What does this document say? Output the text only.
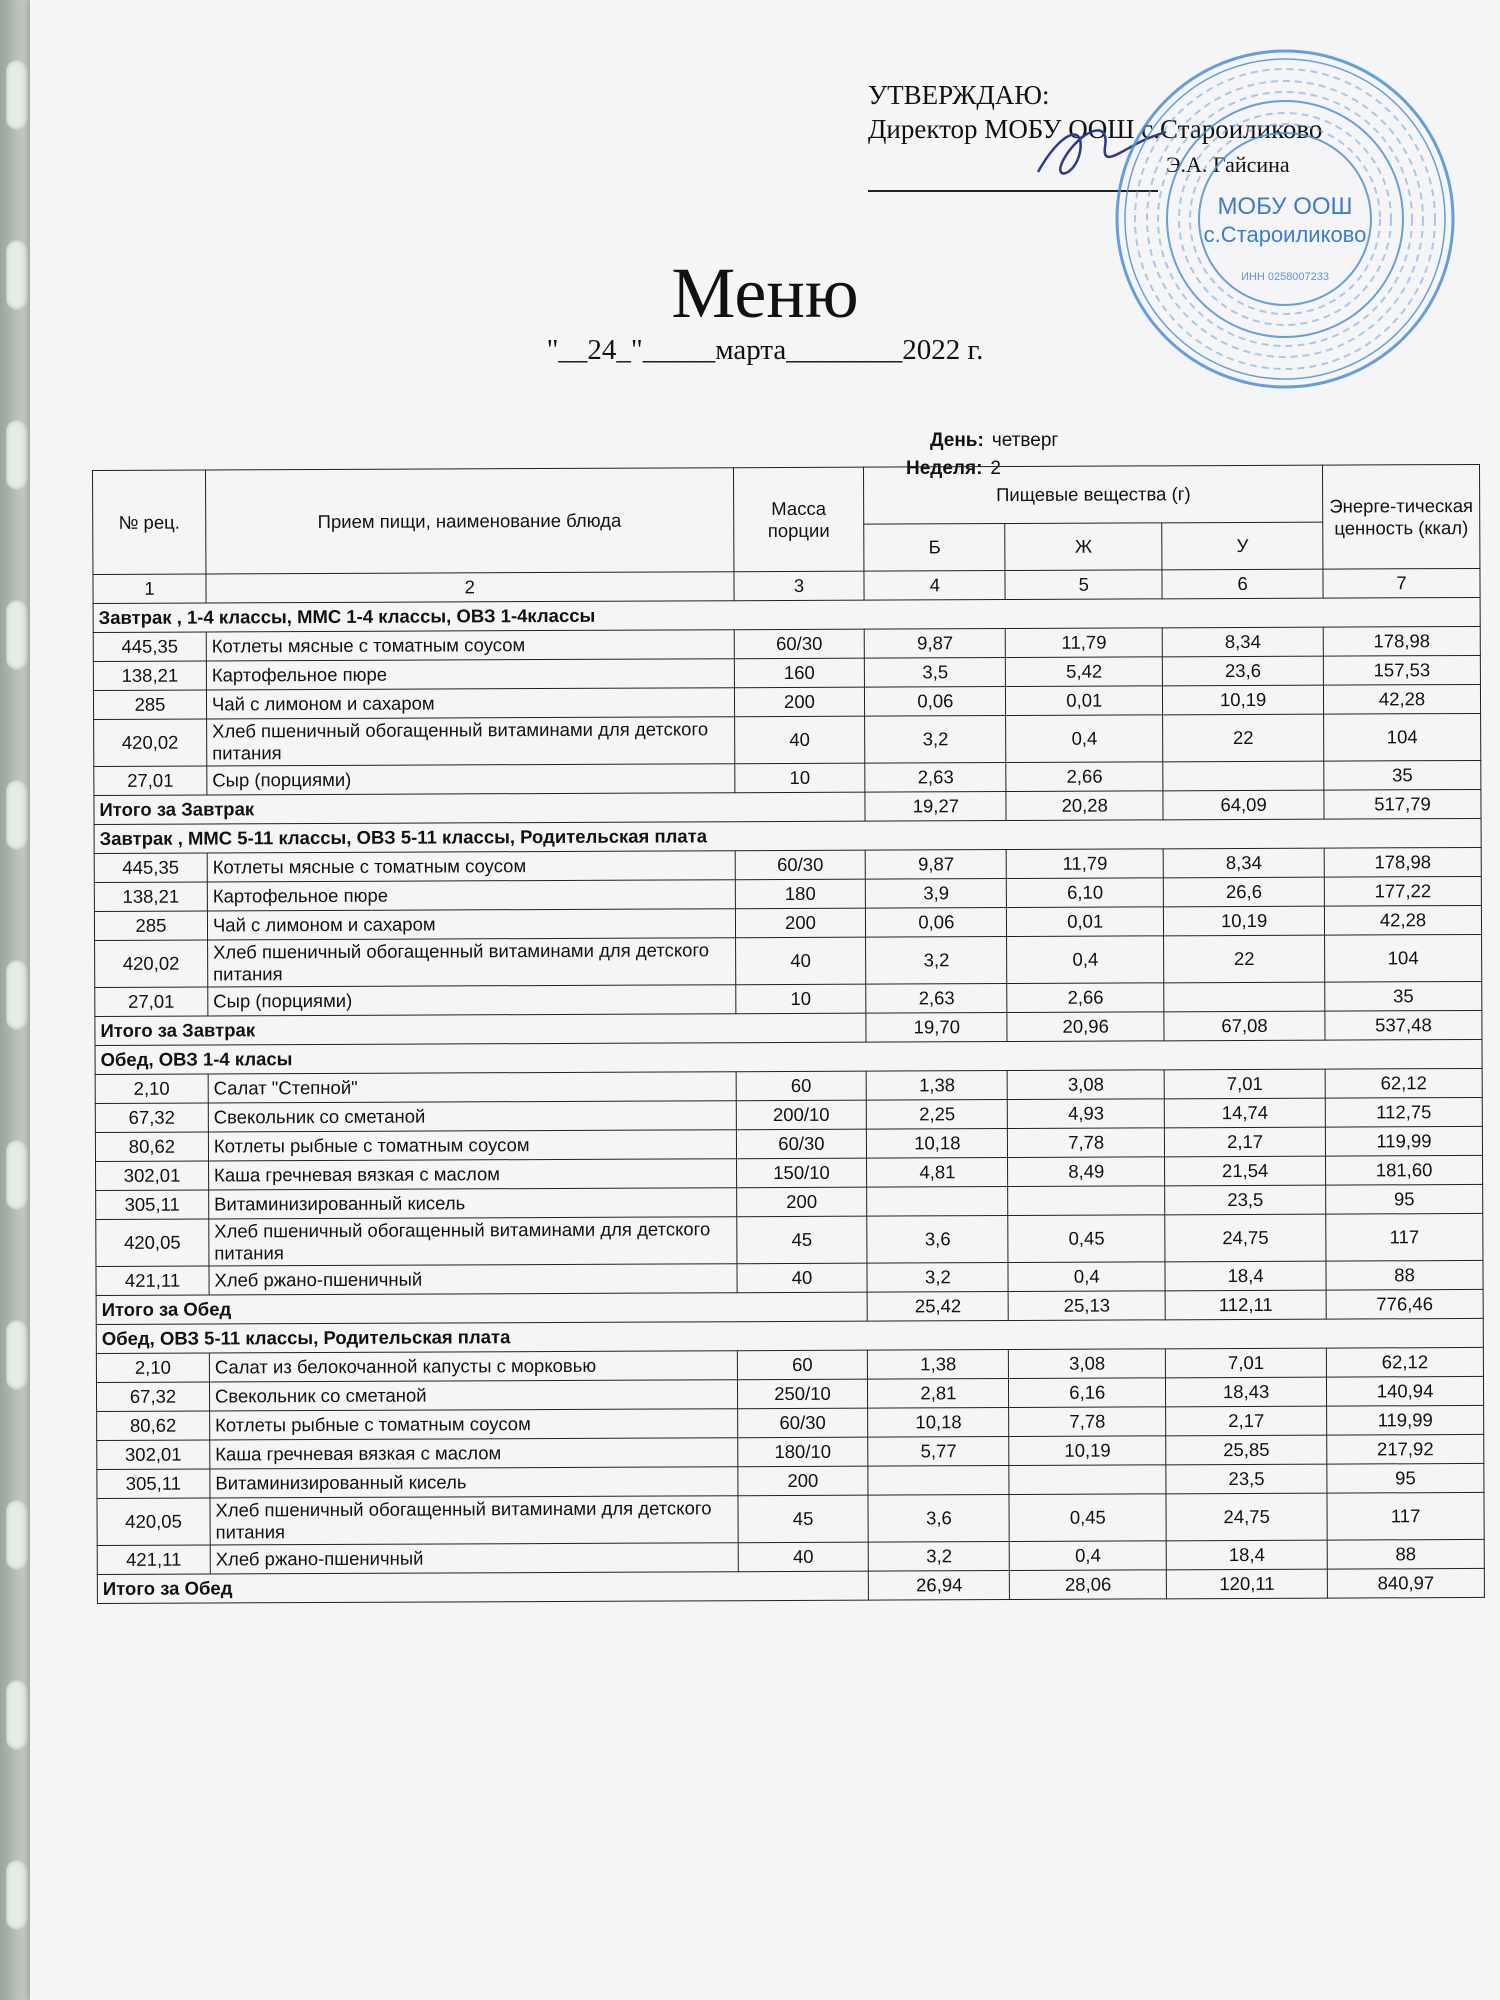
УТВЕРЖДАЮ:
Директор МОБУ ООШ с.Староиликово
Э.А. Гайсина
МОБУ ООШ
с.Староиликово
ИНН 0258007233
Меню
"__24_"_____марта________2022 г.
День: четверг
Неделя: 2
№ рец.	Прием пищи, наименование блюда	Масса порции	Пищевые вещества (г)			Энерге-тическая ценность (ккал)
			Б	Ж	У	
1	2	3	4	5	6	7
Завтрак , 1-4 классы, ММС 1-4 классы, ОВЗ 1-4классы						
445,35	Котлеты мясные с томатным соусом	60/30	9,87	11,79	8,34	178,98
138,21	Картофельное пюре	160	3,5	5,42	23,6	157,53
285	Чай с лимоном и сахаром	200	0,06	0,01	10,19	42,28
420,02	Хлеб пшеничный обогащенный витаминами для детского питания	40	3,2	0,4	22	104
27,01	Сыр (порциями)	10	2,63	2,66		35
Итого за Завтрак			19,27	20,28	64,09	517,79
Завтрак , ММС 5-11 классы, ОВЗ 5-11 классы, Родительская плата						
445,35	Котлеты мясные с томатным соусом	60/30	9,87	11,79	8,34	178,98
138,21	Картофельное пюре	180	3,9	6,10	26,6	177,22
285	Чай с лимоном и сахаром	200	0,06	0,01	10,19	42,28
420,02	Хлеб пшеничный обогащенный витаминами для детского питания	40	3,2	0,4	22	104
27,01	Сыр (порциями)	10	2,63	2,66		35
Итого за Завтрак			19,70	20,96	67,08	537,48
Обед, ОВЗ 1-4 класы						
2,10	Салат "Степной"	60	1,38	3,08	7,01	62,12
67,32	Свекольник со сметаной	200/10	2,25	4,93	14,74	112,75
80,62	Котлеты рыбные с томатным соусом	60/30	10,18	7,78	2,17	119,99
302,01	Каша гречневая вязкая с маслом	150/10	4,81	8,49	21,54	181,60
305,11	Витаминизированный кисель	200			23,5	95
420,05	Хлеб пшеничный обогащенный витаминами для детского питания	45	3,6	0,45	24,75	117
421,11	Хлеб ржано-пшеничный	40	3,2	0,4	18,4	88
Итого за Обед			25,42	25,13	112,11	776,46
Обед, ОВЗ 5-11 классы, Родительская плата						
2,10	Салат из белокочанной капусты с морковью	60	1,38	3,08	7,01	62,12
67,32	Свекольник со сметаной	250/10	2,81	6,16	18,43	140,94
80,62	Котлеты рыбные с томатным соусом	60/30	10,18	7,78	2,17	119,99
302,01	Каша гречневая вязкая с маслом	180/10	5,77	10,19	25,85	217,92
305,11	Витаминизированный кисель	200			23,5	95
420,05	Хлеб пшеничный обогащенный витаминами для детского питания	45	3,6	0,45	24,75	117
421,11	Хлеб ржано-пшеничный	40	3,2	0,4	18,4	88
Итого за Обед			26,94	28,06	120,11	840,97
